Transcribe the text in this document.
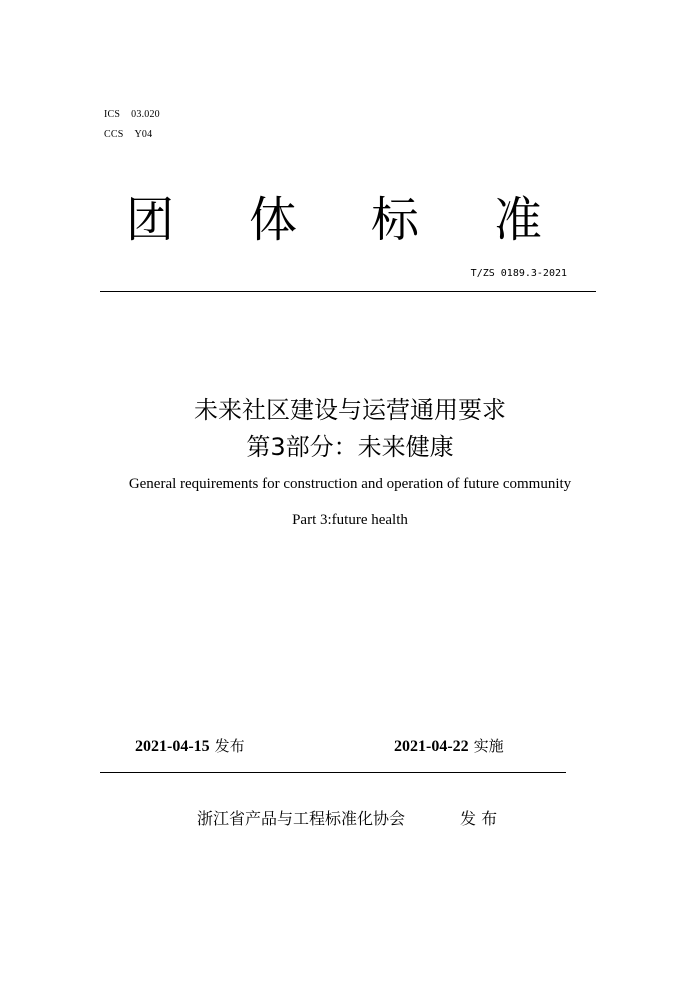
ICS 03.020
CCS Y04
团 体 标 准
T/ZS 0189.3-2021
未来社区建设与运营通用要求
第3部分：未来健康
General requirements for construction and operation of future community
Part 3:future health
2021-04-15 发布	2021-04-22 实施
浙江省产品与工程标准化协会	发 布
